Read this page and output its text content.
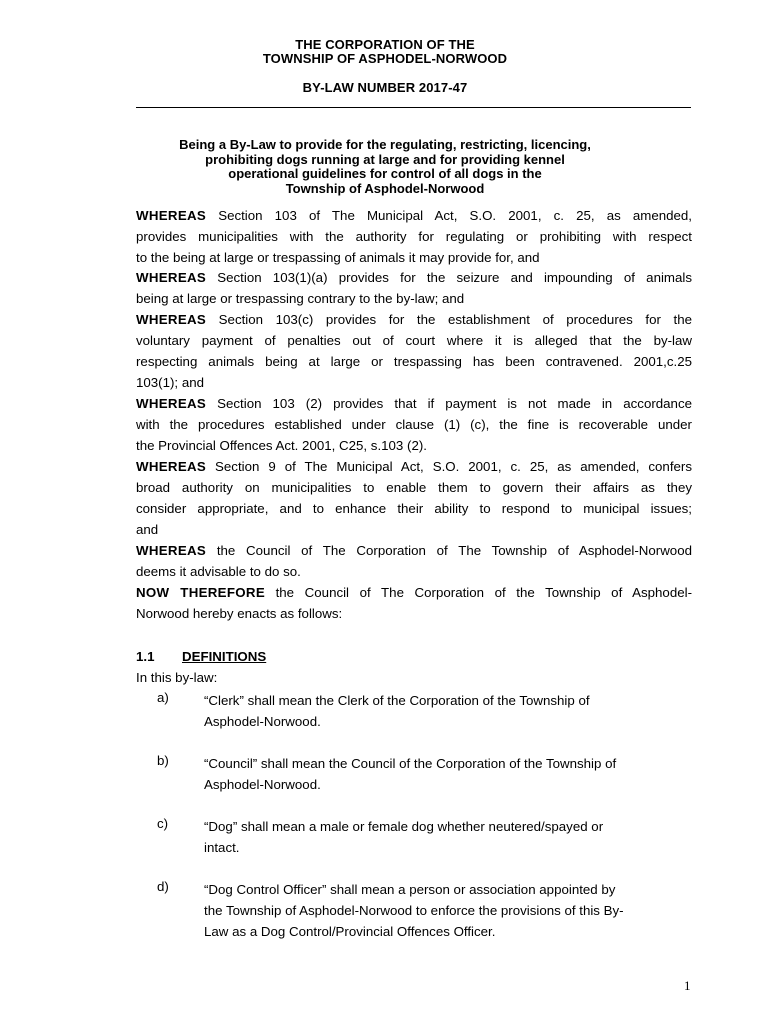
THE CORPORATION OF THE
TOWNSHIP OF ASPHODEL-NORWOOD
BY-LAW NUMBER 2017-47
Being a By-Law to provide for the regulating, restricting, licencing,
prohibiting dogs running at large and for providing kennel
operational guidelines for control of all dogs in the
Township of Asphodel-Norwood
WHEREAS Section 103 of The Municipal Act, S.O. 2001, c. 25, as amended,
provides municipalities with the authority for regulating or prohibiting with respect
to the being at large or trespassing of animals it may provide for, and
WHEREAS Section 103(1)(a) provides for the seizure and impounding of animals
being at large or trespassing contrary to the by-law; and
WHEREAS Section 103(c) provides for the establishment of procedures for the
voluntary payment of penalties out of court where it is alleged that the by-law
respecting animals being at large or trespassing has been contravened. 2001,c.25
103(1); and
WHEREAS Section 103 (2) provides that if payment is not made in accordance
with the procedures established under clause (1) (c), the fine is recoverable under
the Provincial Offences Act. 2001, C25, s.103 (2).
WHEREAS Section 9 of The Municipal Act, S.O. 2001, c. 25, as amended, confers
broad authority on municipalities to enable them to govern their affairs as they
consider appropriate, and to enhance their ability to respond to municipal issues;
and
WHEREAS the Council of The Corporation of The Township of Asphodel-Norwood
deems it advisable to do so.
NOW THEREFORE the Council of The Corporation of the Township of Asphodel-
Norwood hereby enacts as follows:
1.1 DEFINITIONS
In this by-law:
a)	“Clerk” shall mean the Clerk of the Corporation of the Township of
Asphodel-Norwood.
b)	“Council” shall mean the Council of the Corporation of the Township of
Asphodel-Norwood.
c)	“Dog” shall mean a male or female dog whether neutered/spayed or
intact.
d)	“Dog Control Officer” shall mean a person or association appointed by
the Township of Asphodel-Norwood to enforce the provisions of this By-
Law as a Dog Control/Provincial Offences Officer.
1
